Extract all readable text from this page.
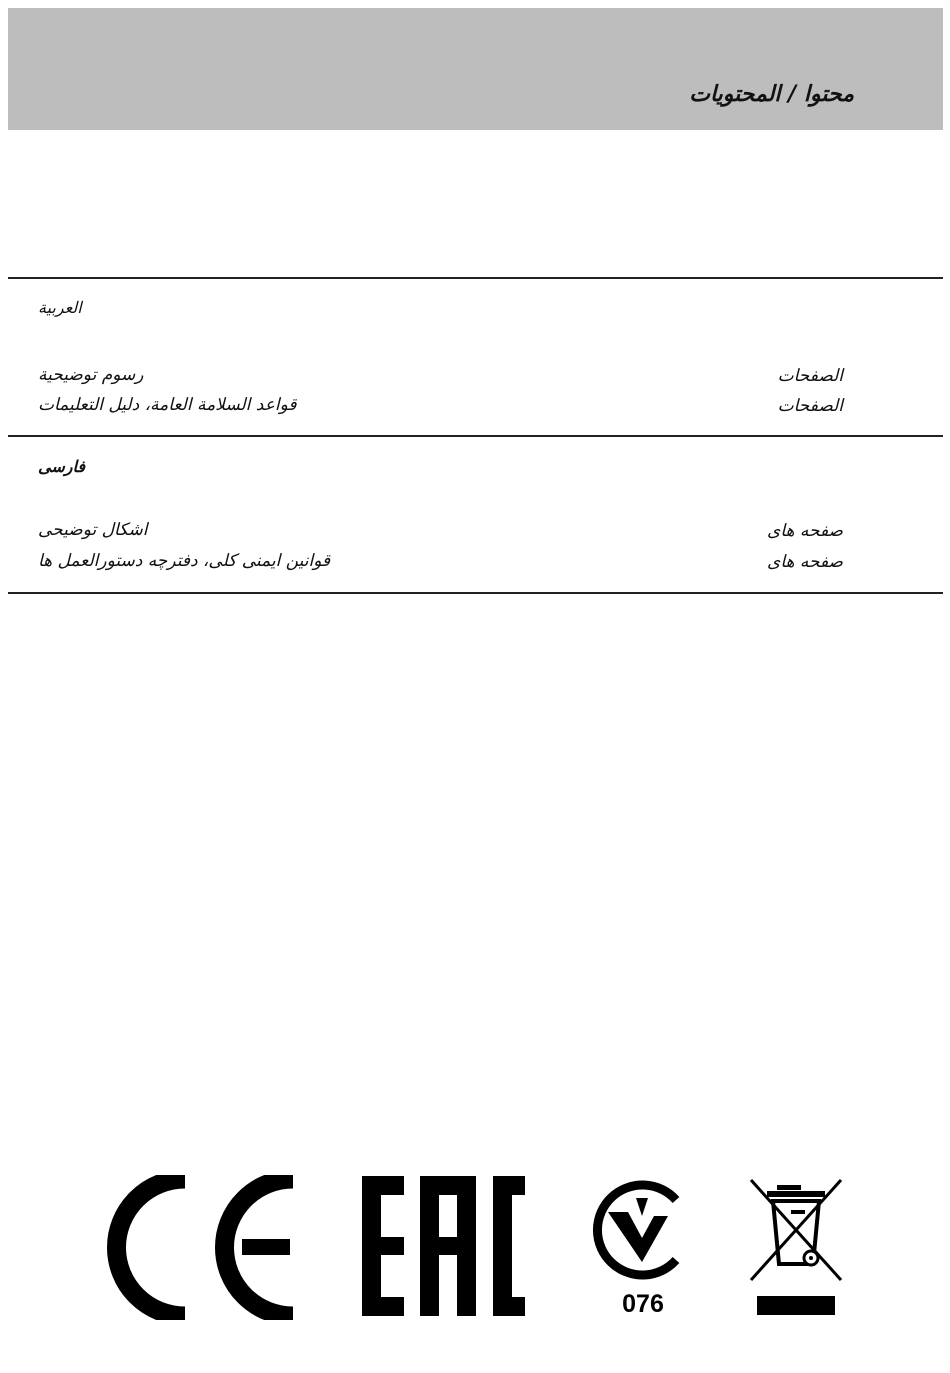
محتوا / المحتويات
العربية
رسوم توضيحية	الصفحات
قواعد السلامة العامة، دليل التعليمات	الصفحات
فارسی
اشکال توضیحی	صفحه های
قوانین ایمنی کلی، دفترچه دستورالعمل ها	صفحه های
076
